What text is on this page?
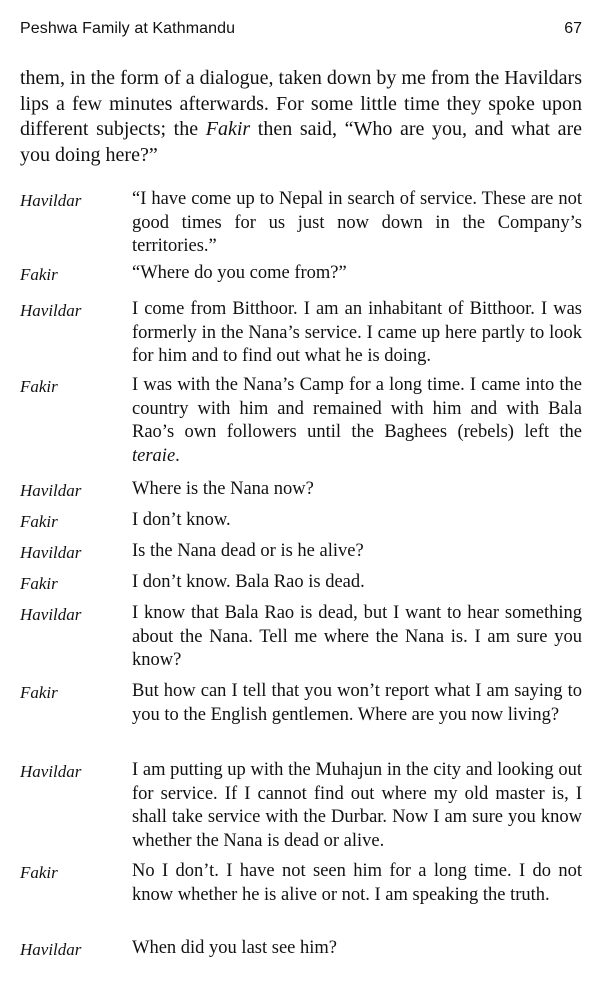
Peshwa Family at Kathmandu	67

them, in the form of a dialogue, taken down by me from the Havildars lips a few minutes afterwards. For some little time they spoke upon different subjects; the Fakir then said, “Who are you, and what are you doing here?”

Havildar	“I have come up to Nepal in search of service. These are not good times for us just now down in the Company’s territories.”

Fakir	“Where do you come from?”

Havildar	I come from Bitthoor. I am an inhabitant of Bitthoor. I was formerly in the Nana’s service. I came up here partly to look for him and to find out what he is doing.

Fakir	I was with the Nana’s Camp for a long time. I came into the country with him and remained with him and with Bala Rao’s own followers until the Baghees (rebels) left the teraie.

Havildar	Where is the Nana now?

Fakir	I don’t know.

Havildar	Is the Nana dead or is he alive?

Fakir	I don’t know. Bala Rao is dead.

Havildar	I know that Bala Rao is dead, but I want to hear something about the Nana. Tell me where the Nana is. I am sure you know?

Fakir	But how can I tell that you won’t report what I am saying to you to the English gentlemen. Where are you now living?

Havildar	I am putting up with the Muhajun in the city and looking out for service. If I cannot find out where my old master is, I shall take service with the Durbar. Now I am sure you know whether the Nana is dead or alive.

Fakir	No I don’t. I have not seen him for a long time. I do not know whether he is alive or not. I am speaking the truth.

Havildar	When did you last see him?
